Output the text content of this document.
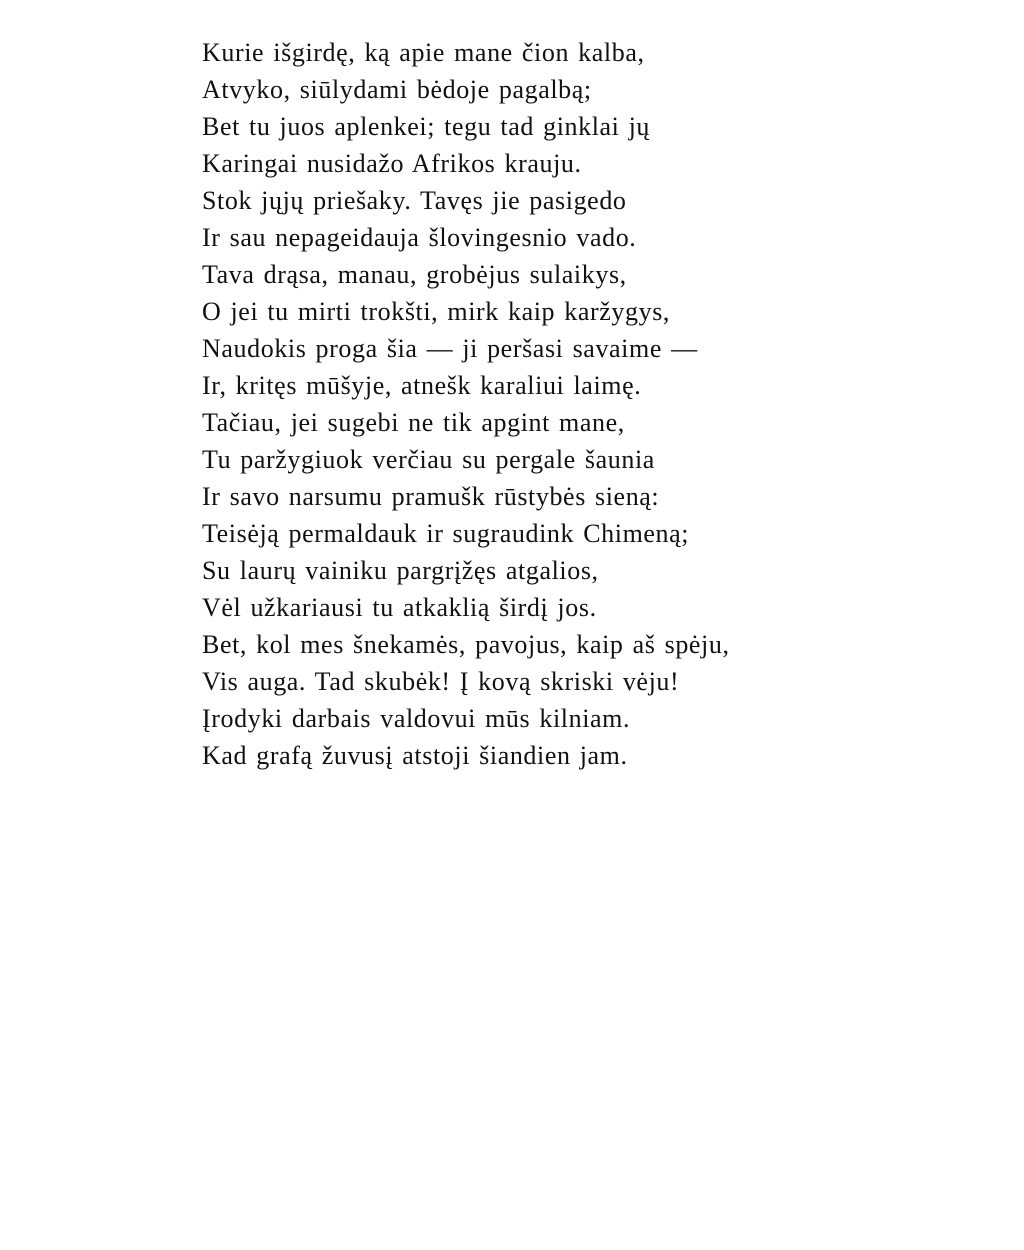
Kurie išgirdę, ką apie mane čion kalba,
Atvyko, siūlydami bėdoje pagalbą;
Bet tu juos aplenkei; tegu tad ginklai jų
Karingai nusidažo Afrikos krauju.
Stok jųjų priešaky. Tavęs jie pasigedo
Ir sau nepageidauja šlovingesnio vado.
Tava drąsa, manau, grobėjus sulaikys,
O jei tu mirti trokšti, mirk kaip karžygys,
Naudokis proga šia — ji peršasi savaime —
Ir, kritęs mūšyje, atnešk karaliui laimę.
Tačiau, jei sugebi ne tik apgint mane,
Tu paržygiuok verčiau su pergale šaunia
Ir savo narsumu pramušk rūstybės sieną:
Teisėją permaldauk ir sugraudink Chimeną;
Su laurų vainiku pargrįžęs atgalios,
Vėl užkariausi tu atkaklią širdį jos.
Bet, kol mes šnekamės, pavojus, kaip aš spėju,
Vis auga. Tad skubėk! Į kovą skriski vėju!
Įrodyki darbais valdovui mūs kilniam.
Kad grafą žuvusį atstoji šiandien jam.
